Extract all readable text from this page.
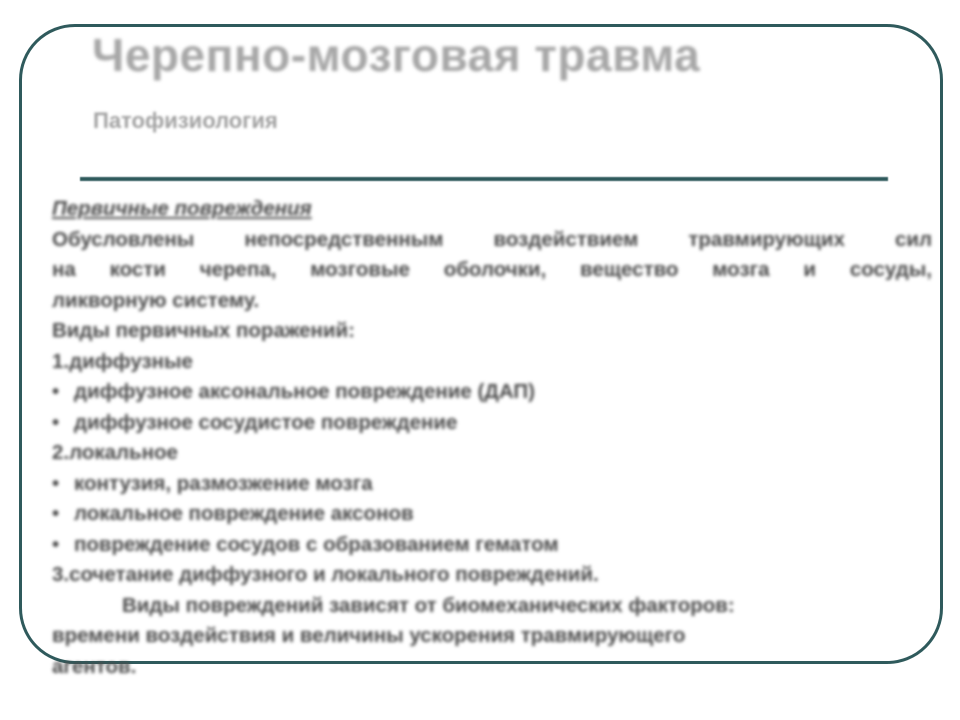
Черепно-мозговая травма
Патофизиология

Первичные повреждения

Обусловлены непосредственным воздействием травмирующих сил

на кости черепа, мозговые оболочки, вещество мозга и сосуды,

ликворную систему.

Виды первичных поражений:

1.диффузные

• диффузное аксональное повреждение (ДАП)

• диффузное сосудистое повреждение

2.локальное

• контузия, размозжение мозга

• локальное повреждение аксонов

• повреждение сосудов с образованием гематом

3.сочетание диффузного и локального повреждений.

Виды повреждений зависят от биомеханических факторов:

времени воздействия и величины ускорения травмирующего

агентов.
